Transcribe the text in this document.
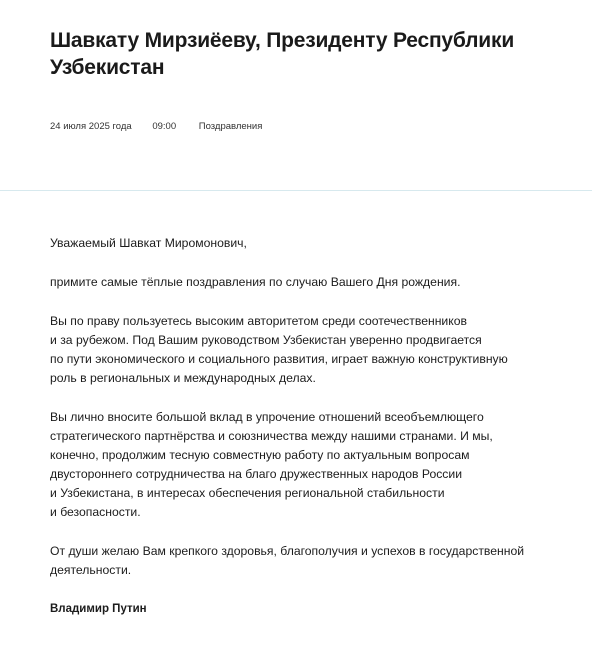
Шавкату Мирзиёеву, Президенту Республики
Узбекистан
24 июля 2025 года 09:00 Поздравления

Уважаемый Шавкат Миромонович,

примите самые тёплые поздравления по случаю Вашего Дня рождения.

Вы по праву пользуетесь высоким авторитетом среди соотечественников
и за рубежом. Под Вашим руководством Узбекистан уверенно продвигается
по пути экономического и социального развития, играет важную конструктивную
роль в региональных и международных делах.

Вы лично вносите большой вклад в упрочение отношений всеобъемлющего
стратегического партнёрства и союзничества между нашими странами. И мы,
конечно, продолжим тесную совместную работу по актуальным вопросам
двустороннего сотрудничества на благо дружественных народов России
и Узбекистана, в интересах обеспечения региональной стабильности
и безопасности.

От души желаю Вам крепкого здоровья, благополучия и успехов в государственной
деятельности.

Владимир Путин
